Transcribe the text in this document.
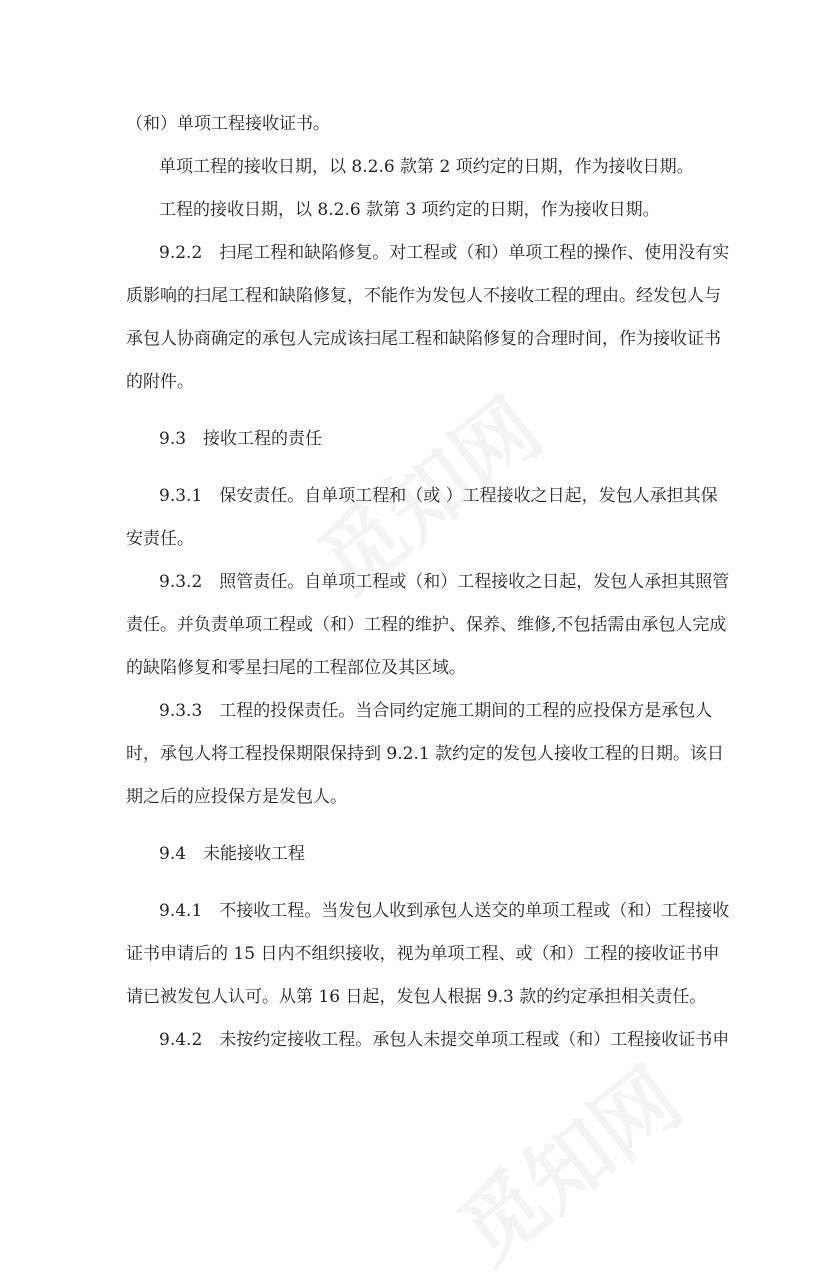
（和）单项工程接收证书。
单项工程的接收日期，以 8.2.6 款第 2 项约定的日期，作为接收日期。
工程的接收日期，以 8.2.6 款第 3 项约定的日期，作为接收日期。
9.2.2　扫尾工程和缺陷修复。对工程或（和）单项工程的操作、使用没有实
质影响的扫尾工程和缺陷修复，不能作为发包人不接收工程的理由。经发包人与
承包人协商确定的承包人完成该扫尾工程和缺陷修复的合理时间，作为接收证书
的附件。
9.3　接收工程的责任
9.3.1　保安责任。自单项工程和（或 ）工程接收之日起，发包人承担其保
安责任。
9.3.2　照管责任。自单项工程或（和）工程接收之日起，发包人承担其照管
责任。并负责单项工程或（和）工程的维护、保养、维修,不包括需由承包人完成
的缺陷修复和零星扫尾的工程部位及其区域。
9.3.3　工程的投保责任。当合同约定施工期间的工程的应投保方是承包人
时，承包人将工程投保期限保持到 9.2.1 款约定的发包人接收工程的日期。该日
期之后的应投保方是发包人。
9.4　未能接收工程
9.4.1　不接收工程。当发包人收到承包人送交的单项工程或（和）工程接收
证书申请后的 15 日内不组织接收，视为单项工程、或（和）工程的接收证书申
请已被发包人认可。从第 16 日起，发包人根据 9.3 款的约定承担相关责任。
9.4.2　未按约定接收工程。承包人未提交单项工程或（和）工程接收证书申
